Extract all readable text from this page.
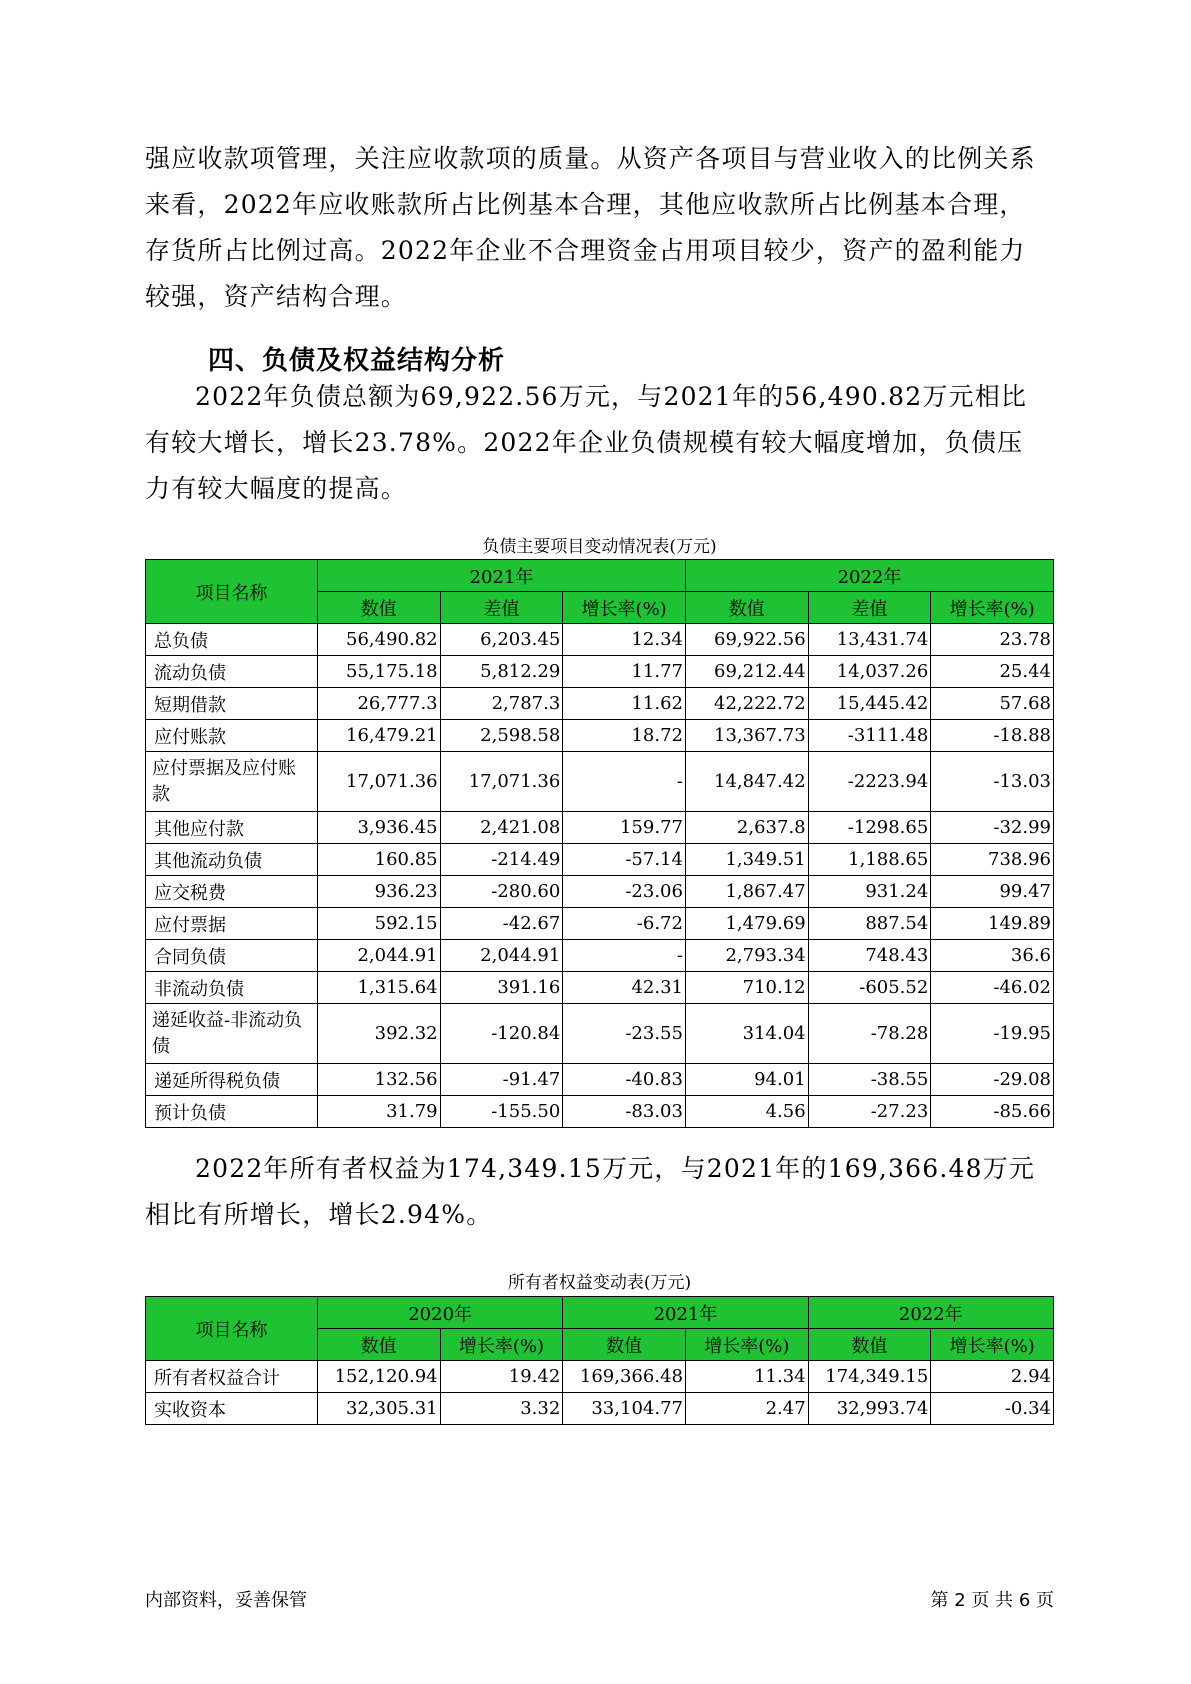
强应收款项管理，关注应收款项的质量。从资产各项目与营业收入的比例关系来看，2022年应收账款所占比例基本合理，其他应收款所占比例基本合理，存货所占比例过高。2022年企业不合理资金占用项目较少，资产的盈利能力较强，资产结构合理。

四、负债及权益结构分析

2022年负债总额为69,922.56万元，与2021年的56,490.82万元相比有较大增长，增长23.78%。2022年企业负债规模有较大幅度增加，负债压力有较大幅度的提高。

负债主要项目变动情况表(万元)

项目名称	2021年			2022年		
	数值	差值	增长率(%)	数值	差值	增长率(%)
总负债	56,490.82	6,203.45	12.34	69,922.56	13,431.74	23.78
流动负债	55,175.18	5,812.29	11.77	69,212.44	14,037.26	25.44
短期借款	26,777.3	2,787.3	11.62	42,222.72	15,445.42	57.68
应付账款	16,479.21	2,598.58	18.72	13,367.73	-3111.48	-18.88
应付票据及应付账款	17,071.36	17,071.36	-	14,847.42	-2223.94	-13.03
其他应付款	3,936.45	2,421.08	159.77	2,637.8	-1298.65	-32.99
其他流动负债	160.85	-214.49	-57.14	1,349.51	1,188.65	738.96
应交税费	936.23	-280.60	-23.06	1,867.47	931.24	99.47
应付票据	592.15	-42.67	-6.72	1,479.69	887.54	149.89
合同负债	2,044.91	2,044.91	-	2,793.34	748.43	36.6
非流动负债	1,315.64	391.16	42.31	710.12	-605.52	-46.02
递延收益-非流动负债	392.32	-120.84	-23.55	314.04	-78.28	-19.95
递延所得税负债	132.56	-91.47	-40.83	94.01	-38.55	-29.08
预计负债	31.79	-155.50	-83.03	4.56	-27.23	-85.66

2022年所有者权益为174,349.15万元，与2021年的169,366.48万元相比有所增长，增长2.94%。

所有者权益变动表(万元)

项目名称	2020年		2021年		2022年	
	数值	增长率(%)	数值	增长率(%)	数值	增长率(%)
所有者权益合计	152,120.94	19.42	169,366.48	11.34	174,349.15	2.94
实收资本	32,305.31	3.32	33,104.77	2.47	32,993.74	-0.34
内部资料，妥善保管	第 2 页 共 6 页
